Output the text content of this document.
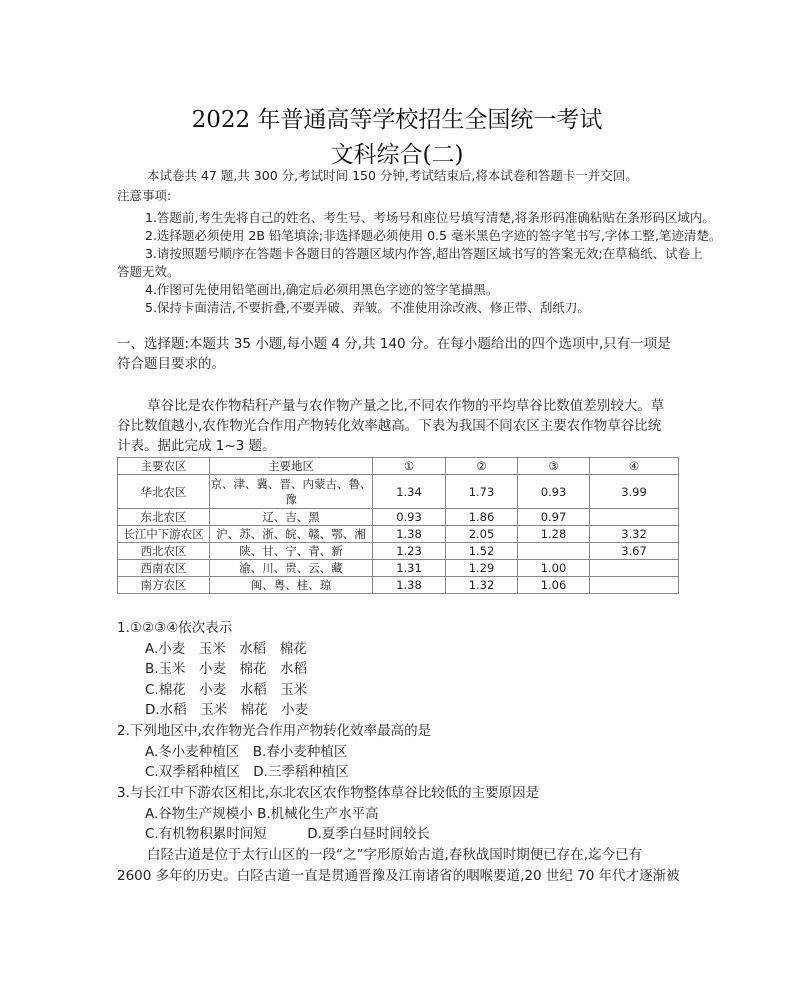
2022 年普通高等学校招生全国统一考试
文科综合(二)
本试卷共 47 题,共 300 分,考试时间 150 分钟,考试结束后,将本试卷和答题卡一并交回。
注意事项:
1.答题前,考生先将自己的姓名、考生号、考场号和座位号填写清楚,将条形码准确粘贴在条形码区域内。
2.选择题必须使用 2B 铅笔填涂;非选择题必须使用 0.5 毫米黑色字迹的签字笔书写,字体工整,笔迹清楚。
3.请按照题号顺序在答题卡各题目的答题区域内作答,超出答题区域书写的答案无效;在草稿纸、试卷上
答题无效。
4.作图可先使用铅笔画出,确定后必须用黑色字迹的签字笔描黑。
5.保持卡面清洁,不要折叠,不要弄破、弄皱。不准使用涂改液、修正带、刮纸刀。
一、选择题:本题共 35 小题,每小题 4 分,共 140 分。在每小题给出的四个选项中,只有一项是
符合题目要求的。
草谷比是农作物秸秆产量与农作物产量之比,不同农作物的平均草谷比数值差别较大。草
谷比数值越小,农作物光合作用产物转化效率越高。下表为我国不同农区主要农作物草谷比统
计表。据此完成 1~3 题。
主要农区	主要地区	①	②	③	④
华北农区	京、津、冀、晋、内蒙古、鲁、豫	1.34	1.73	0.93	3.99
东北农区	辽、吉、黑	0.93	1.86	0.97	
长江中下游农区	沪、苏、浙、皖、赣、鄂、湘	1.38	2.05	1.28	3.32
西北农区	陕、甘、宁、青、新	1.23	1.52		3.67
西南农区	渝、川、贵、云、藏	1.31	1.29	1.00	
南方农区	闽、粤、桂、琼	1.38	1.32	1.06	
1.①②③④依次表示
A.小麦　玉米　水稻　棉花
B.玉米　小麦　棉花　水稻
C.棉花　小麦　水稻　玉米
D.水稻　玉米　棉花　小麦
2.下列地区中,农作物光合作用产物转化效率最高的是
A.冬小麦种植区　B.春小麦种植区
C.双季稻种植区　D.三季稻种植区
3.与长江中下游农区相比,东北农区农作物整体草谷比较低的主要原因是
A.谷物生产规模小 B.机械化生产水平高
C.有机物积累时间短　　　D.夏季白昼时间较长
白陉古道是位于太行山区的一段“之”字形原始古道,春秋战国时期便已存在,迄今已有
2600 多年的历史。白陉古道一直是贯通晋豫及江南诸省的咽喉要道,20 世纪 70 年代才逐渐被
